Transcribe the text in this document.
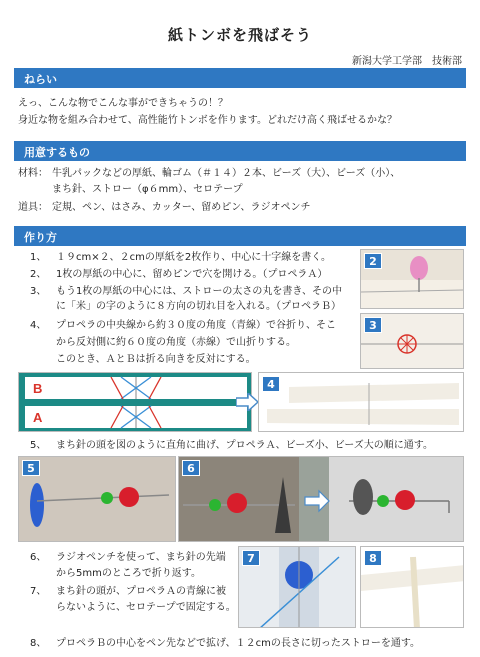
紙トンボを飛ばそう
新潟大学工学部　技術部
ねらい
えっ、こんな物でこんな事ができちゃうの！？
身近な物を組み合わせて、高性能竹トンボを作ります。どれだけ高く飛ばせるかな？
用意するもの
材料： 牛乳パックなどの厚紙、輪ゴム（＃１４）２本、ビーズ（大）、ビーズ（小）、
まち針、ストロー（φ６mm）、セロテープ
道具： 定規、ペン、はさみ、カッター、留めピン、ラジオペンチ
作り方
1、 １９cm×２、２cmの厚紙を2枚作り、中心に十字線を書く。
2、 1枚の厚紙の中心に、留めピンで穴を開ける。（プロペラＡ）
3、 もう1枚の厚紙の中心には、ストローの太さの丸を書き、その中
に「米」の字のように８方向の切れ目を入れる。（プロペラＢ）
4、 プロペラの中央線から約３０度の角度（青線）で谷折り、そこ
から反対側に約６０度の角度（赤線）で山折りする。
このとき、ＡとＢは折る向きを反対にする。
2
3
B
A
4
5、 まち針の頭を図のように直角に曲げ、プロペラＡ、ビーズ小、ビーズ大の順に通す。
5	6
6、 ラジオペンチを使って、まち針の先端
から5mmのところで折り返す。
7、 まち針の頭が、プロペラＡの青線に被
らないように、セロテープで固定する。
7	8
8、 プロペラＢの中心をペン先などで拡げ、１２cmの長さに切ったストローを通す。
